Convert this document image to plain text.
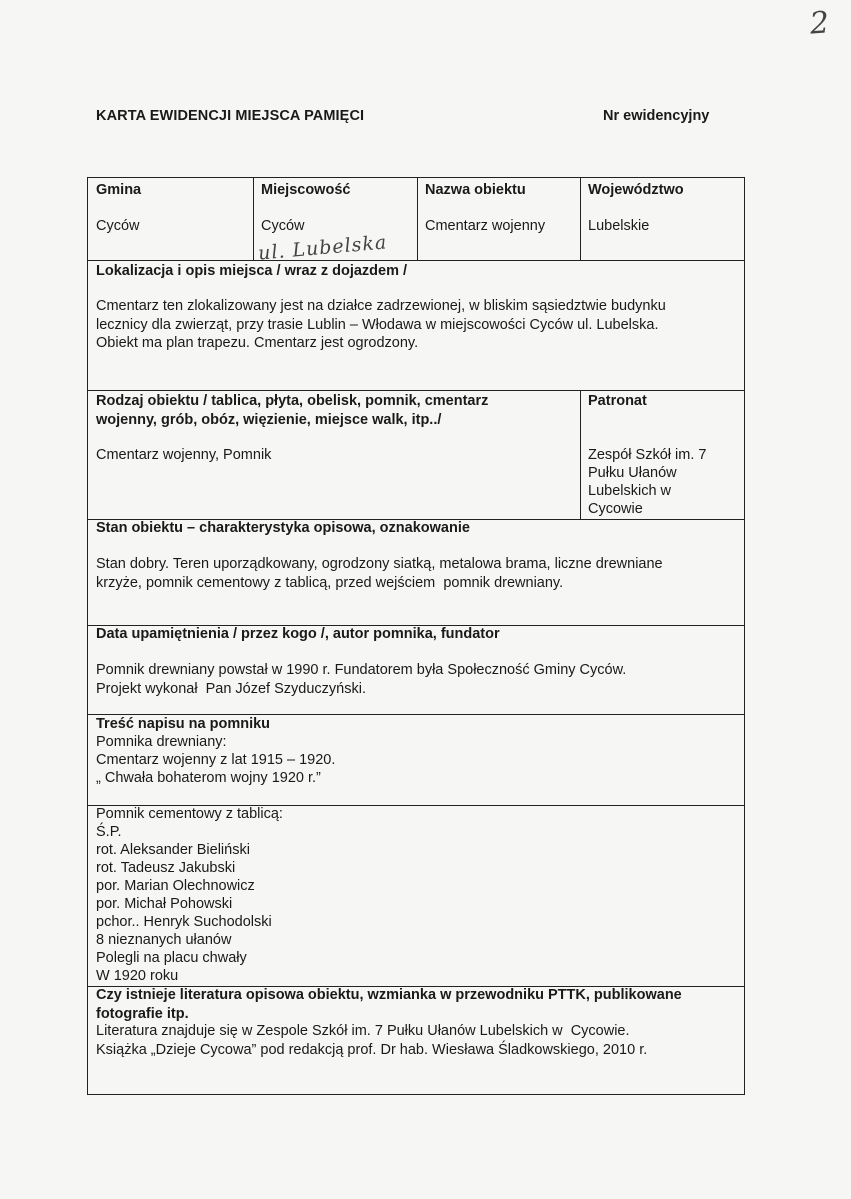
2
KARTA EWIDENCJI MIEJSCA PAMIĘCI	Nr ewidencyjny
Gmina
Cyców
Miejscowość
Cyców
ul. Lubelska
Nazwa obiektu
Cmentarz wojenny
Województwo
Lubelskie
Lokalizacja i opis miejsca / wraz z dojazdem /
Cmentarz ten zlokalizowany jest na działce zadrzewionej, w bliskim sąsiedztwie budynku
lecznicy dla zwierząt, przy trasie Lublin – Włodawa w miejscowości Cyców ul. Lubelska.
Obiekt ma plan trapezu. Cmentarz jest ogrodzony.
Rodzaj obiektu / tablica, płyta, obelisk, pomnik, cmentarz
wojenny, grób, obóz, więzienie, miejsce walk, itp../
Cmentarz wojenny, Pomnik
Patronat
Zespół Szkół im. 7
Pułku Ułanów
Lubelskich w
Cycowie
Stan obiektu – charakterystyka opisowa, oznakowanie
Stan dobry. Teren uporządkowany, ogrodzony siatką, metalowa brama, liczne drewniane
krzyże, pomnik cementowy z tablicą, przed wejściem  pomnik drewniany.
Data upamiętnienia / przez kogo /, autor pomnika, fundator
Pomnik drewniany powstał w 1990 r. Fundatorem była Społeczność Gminy Cyców.
Projekt wykonał  Pan Józef Szyduczyński.
Treść napisu na pomniku
Pomnika drewniany:
Cmentarz wojenny z lat 1915 – 1920.
„ Chwała bohaterom wojny 1920 r.”

Pomnik cementowy z tablicą:
Ś.P.
rot. Aleksander Bieliński
rot. Tadeusz Jakubski
por. Marian Olechnowicz
por. Michał Pohowski
pchor.. Henryk Suchodolski
8 nieznanych ułanów
Polegli na placu chwały
W 1920 roku
Czy istnieje literatura opisowa obiektu, wzmianka w przewodniku PTTK, publikowane
fotografie itp.
Literatura znajduje się w Zespole Szkół im. 7 Pułku Ułanów Lubelskich w  Cycowie.
Książka „Dzieje Cycowa” pod redakcją prof. Dr hab. Wiesława Śladkowskiego, 2010 r.
